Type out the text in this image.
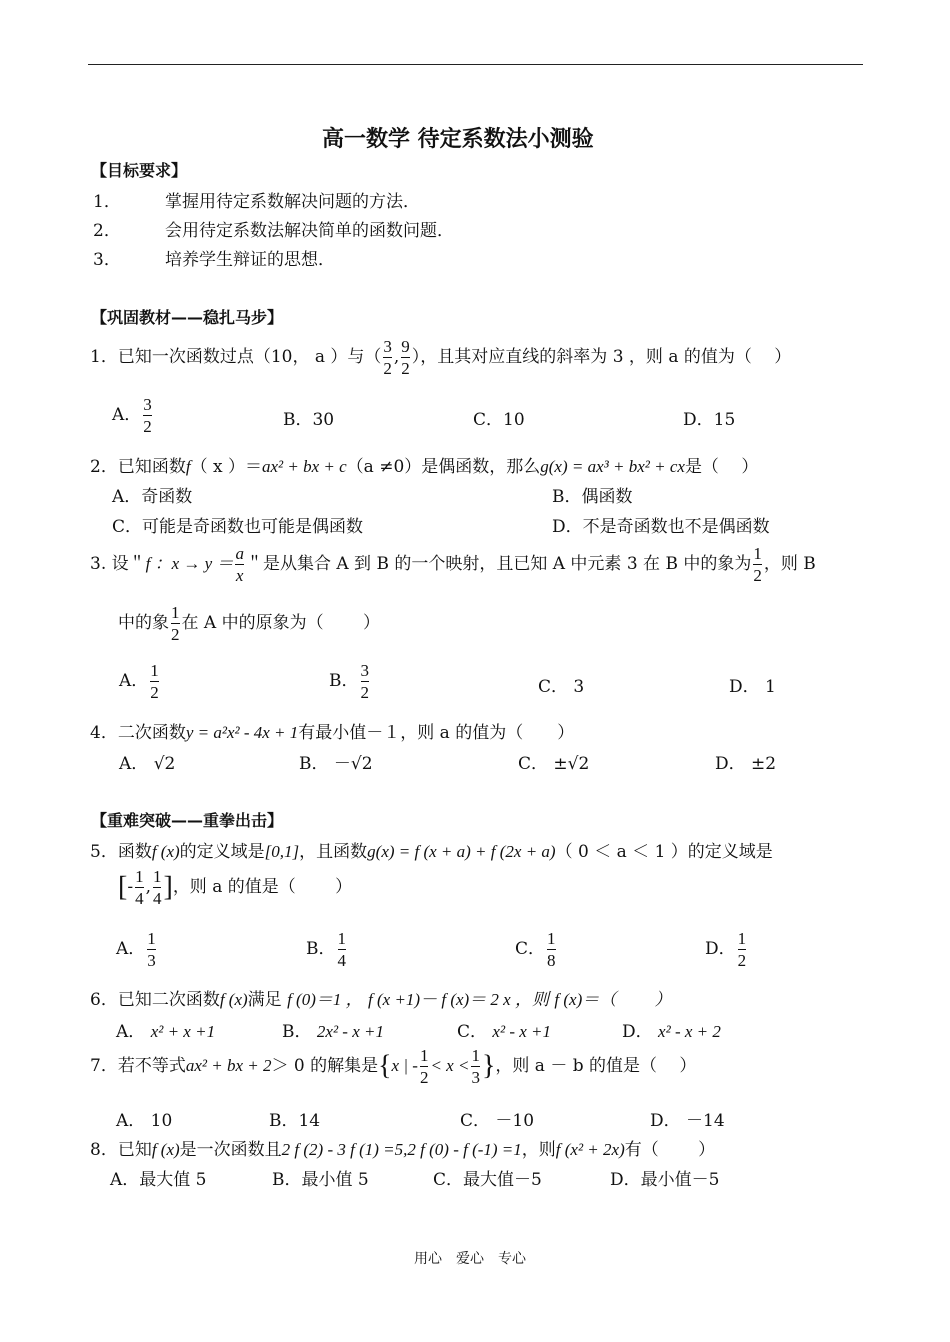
高一数学 待定系数法小测验
【目标要求】
1．	掌握用待定系数解决问题的方法．
2．	会用待定系数法解决简单的函数问题．
3．	培养学生辩证的思想．
【巩固教材——稳扎马步】
1．已知一次函数过点（10， a ）与（ $\frac{3}{2}$ , $\frac{9}{2}$ ），且其对应直线的斜率为 3 ，则 a 的值为（　 ）
A． $\frac{3}{2}$	B．30	C．10	D．15
2．已知函数f（ x ）＝ax² + bx + c（a ≠0）是偶函数，那么g(x) = ax³ + bx² + cx是（　 ）
A．奇函数	B．偶函数
C．可能是奇函数也可能是偶函数	D．不是奇函数也不是偶函数
3. 设＂f ：$x \to y = \frac{a}{x}$ ＂是从集合 A 到 B 的一个映射，且已知 A 中元素 3 在 B 中的象为 $\frac{1}{2}$ ，则 B
中的象 $\frac{1}{2}$ 在 A 中的原象为（　　 ）
A． $\frac{1}{2}$	B． $\frac{3}{2}$	C． 3	D． 1
4．二次函数y = a²x² - 4x + 1有最小值－１，则 a 的值为（　　）
A． √2	B． －√2	C． ±√2	D． ±2
【重难突破——重拳出击】
5．函数f (x)的定义域是[0,1]，且函数g(x) = f (x + a) + f (2x + a)（ 0 ＜ a ＜ 1 ）的定义域是
[- $\frac{1}{4}$ , $\frac{1}{4}$ ]，则 a 的值是（　　 ）
A． $\frac{1}{3}$	B． $\frac{1}{4}$	C． $\frac{1}{8}$	D． $\frac{1}{2}$
6．已知二次函数f (x)满足 f (0)＝1 ， f (x +1)－ f (x)＝ 2 x ，则 f (x)＝（　　 ）
A． x² + x +1	B． 2x² - x +1	C． x² - x +1	D． x² - x + 2
7．若不等式ax² + bx + 2＞ 0 的解集是{x | - $\frac{1}{2} < x < \frac{1}{3}$ }，则 a － b 的值是（　 ）
A． 10	B．14	C． －10	D． －14
8．已知f (x)是一次函数且2 f (2) - 3 f (1) =5,2 f (0) - f (-1) =1，则f (x² + 2x)有（　　 ）
A．最大值 5	B．最小值 5	C．最大值－5	D．最小值－5
用心　爱心　专心
